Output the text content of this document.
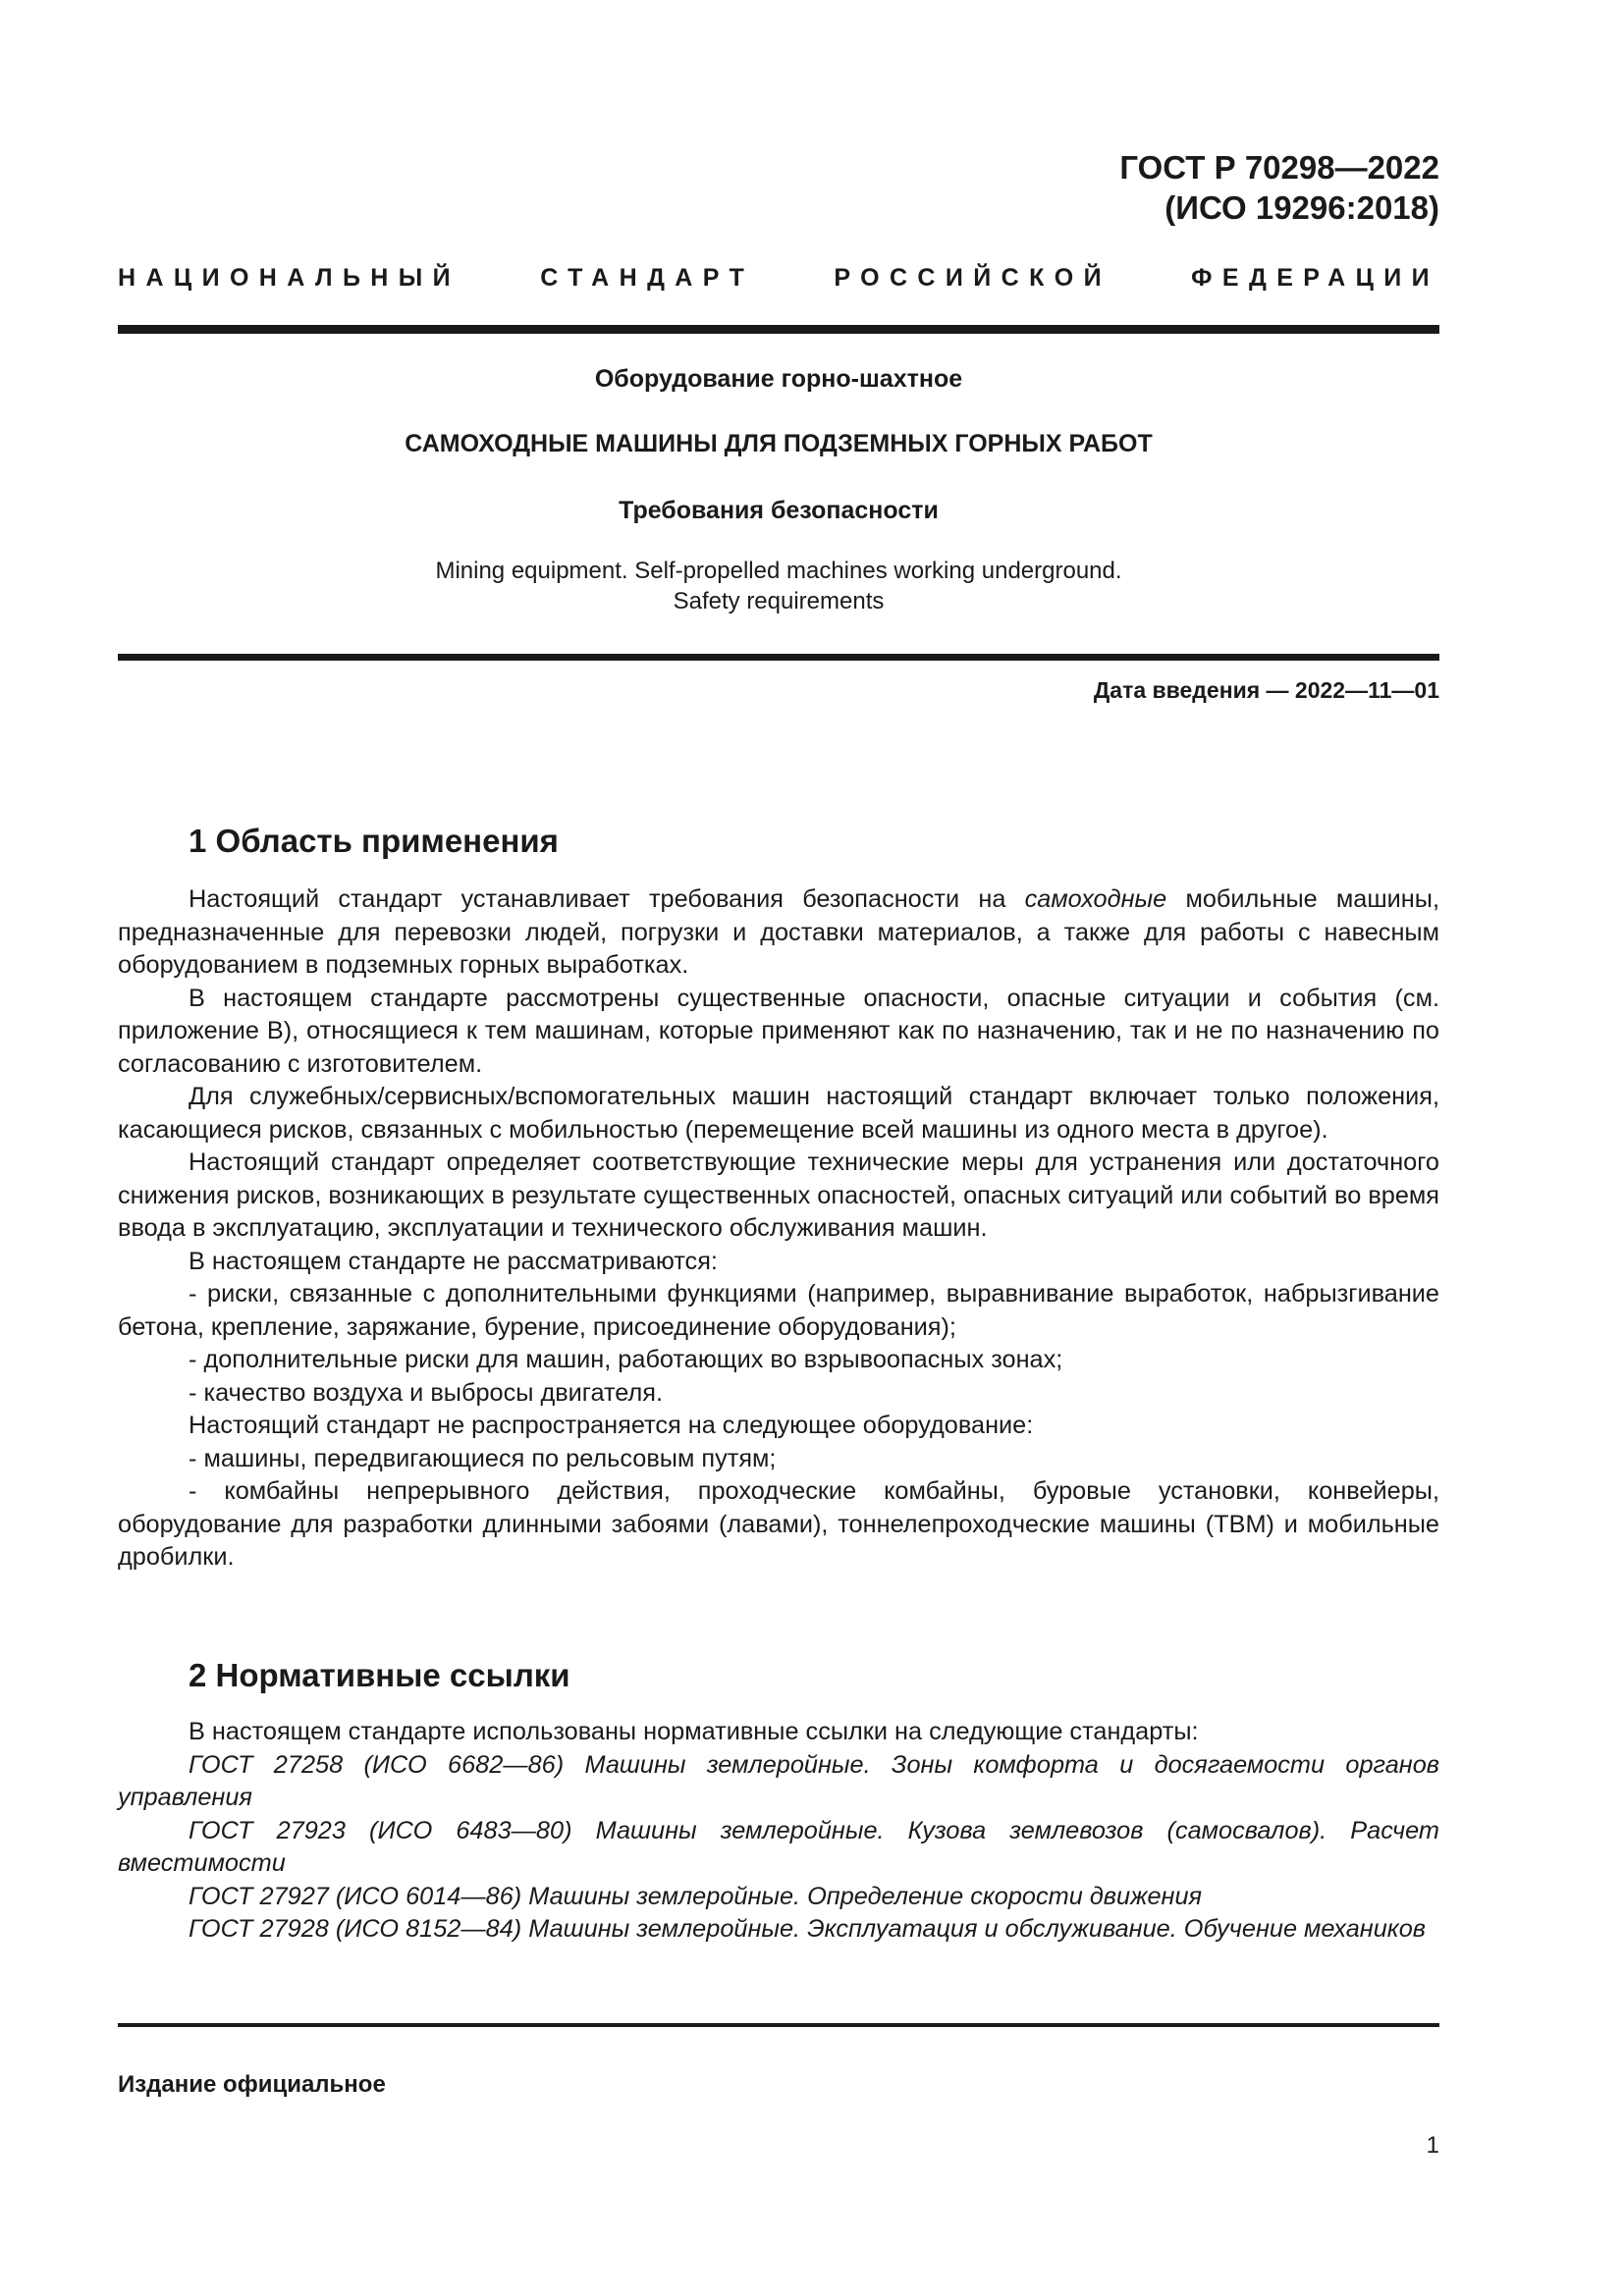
ГОСТ Р 70298—2022
(ИСО 19296:2018)
НАЦИОНАЛЬНЫЙ СТАНДАРТ РОССИЙСКОЙ ФЕДЕРАЦИИ
Оборудование горно-шахтное
САМОХОДНЫЕ МАШИНЫ ДЛЯ ПОДЗЕМНЫХ ГОРНЫХ РАБОТ
Требования безопасности
Mining equipment. Self-propelled machines working underground.
Safety requirements
Дата введения — 2022—11—01
1 Область применения

Настоящий стандарт устанавливает требования безопасности на самоходные мобильные машины, предназначенные для перевозки людей, погрузки и доставки материалов, а также для работы с навесным оборудованием в подземных горных выработках.

В настоящем стандарте рассмотрены существенные опасности, опасные ситуации и события (см. приложение В), относящиеся к тем машинам, которые применяют как по назначению, так и не по назначению по согласованию с изготовителем.

Для служебных/сервисных/вспомогательных машин настоящий стандарт включает только положения, касающиеся рисков, связанных с мобильностью (перемещение всей машины из одного места в другое).

Настоящий стандарт определяет соответствующие технические меры для устранения или достаточного снижения рисков, возникающих в результате существенных опасностей, опасных ситуаций или событий во время ввода в эксплуатацию, эксплуатации и технического обслуживания машин.

В настоящем стандарте не рассматриваются:

- риски, связанные с дополнительными функциями (например, выравнивание выработок, набрызгивание бетона, крепление, заряжание, бурение, присоединение оборудования);

- дополнительные риски для машин, работающих во взрывоопасных зонах;

- качество воздуха и выбросы двигателя.

Настоящий стандарт не распространяется на следующее оборудование:

- машины, передвигающиеся по рельсовым путям;

- комбайны непрерывного действия, проходческие комбайны, буровые установки, конвейеры, оборудование для разработки длинными забоями (лавами), тоннелепроходческие машины (ТВМ) и мобильные дробилки.

2 Нормативные ссылки

В настоящем стандарте использованы нормативные ссылки на следующие стандарты:

ГОСТ 27258 (ИСО 6682—86) Машины землеройные. Зоны комфорта и досягаемости органов управления

ГОСТ 27923 (ИСО 6483—80) Машины землеройные. Кузова землевозов (самосвалов). Расчет вместимости

ГОСТ 27927 (ИСО 6014—86) Машины землеройные. Определение скорости движения

ГОСТ 27928 (ИСО 8152—84) Машины землеройные. Эксплуатация и обслуживание. Обучение механиков

Издание официальное
1
